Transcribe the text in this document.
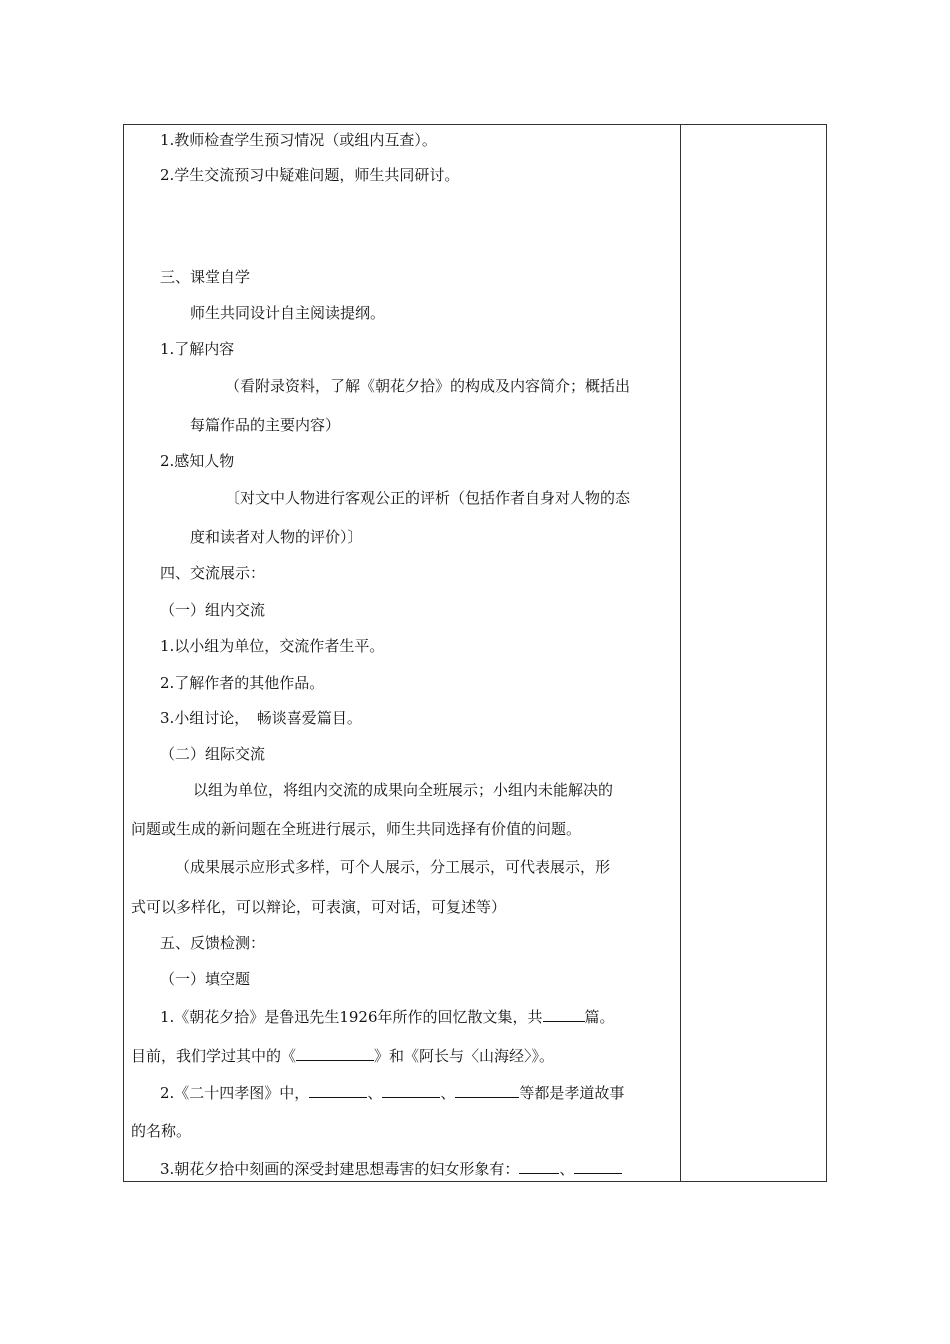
1.教师检查学生预习情况（或组内互查）。
2.学生交流预习中疑难问题，师生共同研讨。
三、课堂自学
师生共同设计自主阅读提纲。
1.了解内容
（看附录资料，了解《朝花夕拾》的构成及内容简介；概括出
每篇作品的主要内容）
2.感知人物
〔对文中人物进行客观公正的评析（包括作者自身对人物的态
度和读者对人物的评价）〕
四、交流展示：
（一）组内交流
1.以小组为单位，交流作者生平。
2.了解作者的其他作品。
3.小组讨论，　畅谈喜爱篇目。
（二）组际交流
以组为单位，将组内交流的成果向全班展示；小组内未能解决的
问题或生成的新问题在全班进行展示，师生共同选择有价值的问题。
（成果展示应形式多样，可个人展示，分工展示，可代表展示，形
式可以多样化，可以辩论，可表演，可对话，可复述等）
五、反馈检测：
（一）填空题
1.《朝花夕拾》是鲁迅先生1926年所作的回忆散文集，共	篇。
目前，我们学过其中的《	》和《阿长与〈山海经〉》。
2.《二十四孝图》中，	、	、	等都是孝道故事
的名称。
3.朝花夕拾中刻画的深受封建思想毒害的妇女形象有：	、
